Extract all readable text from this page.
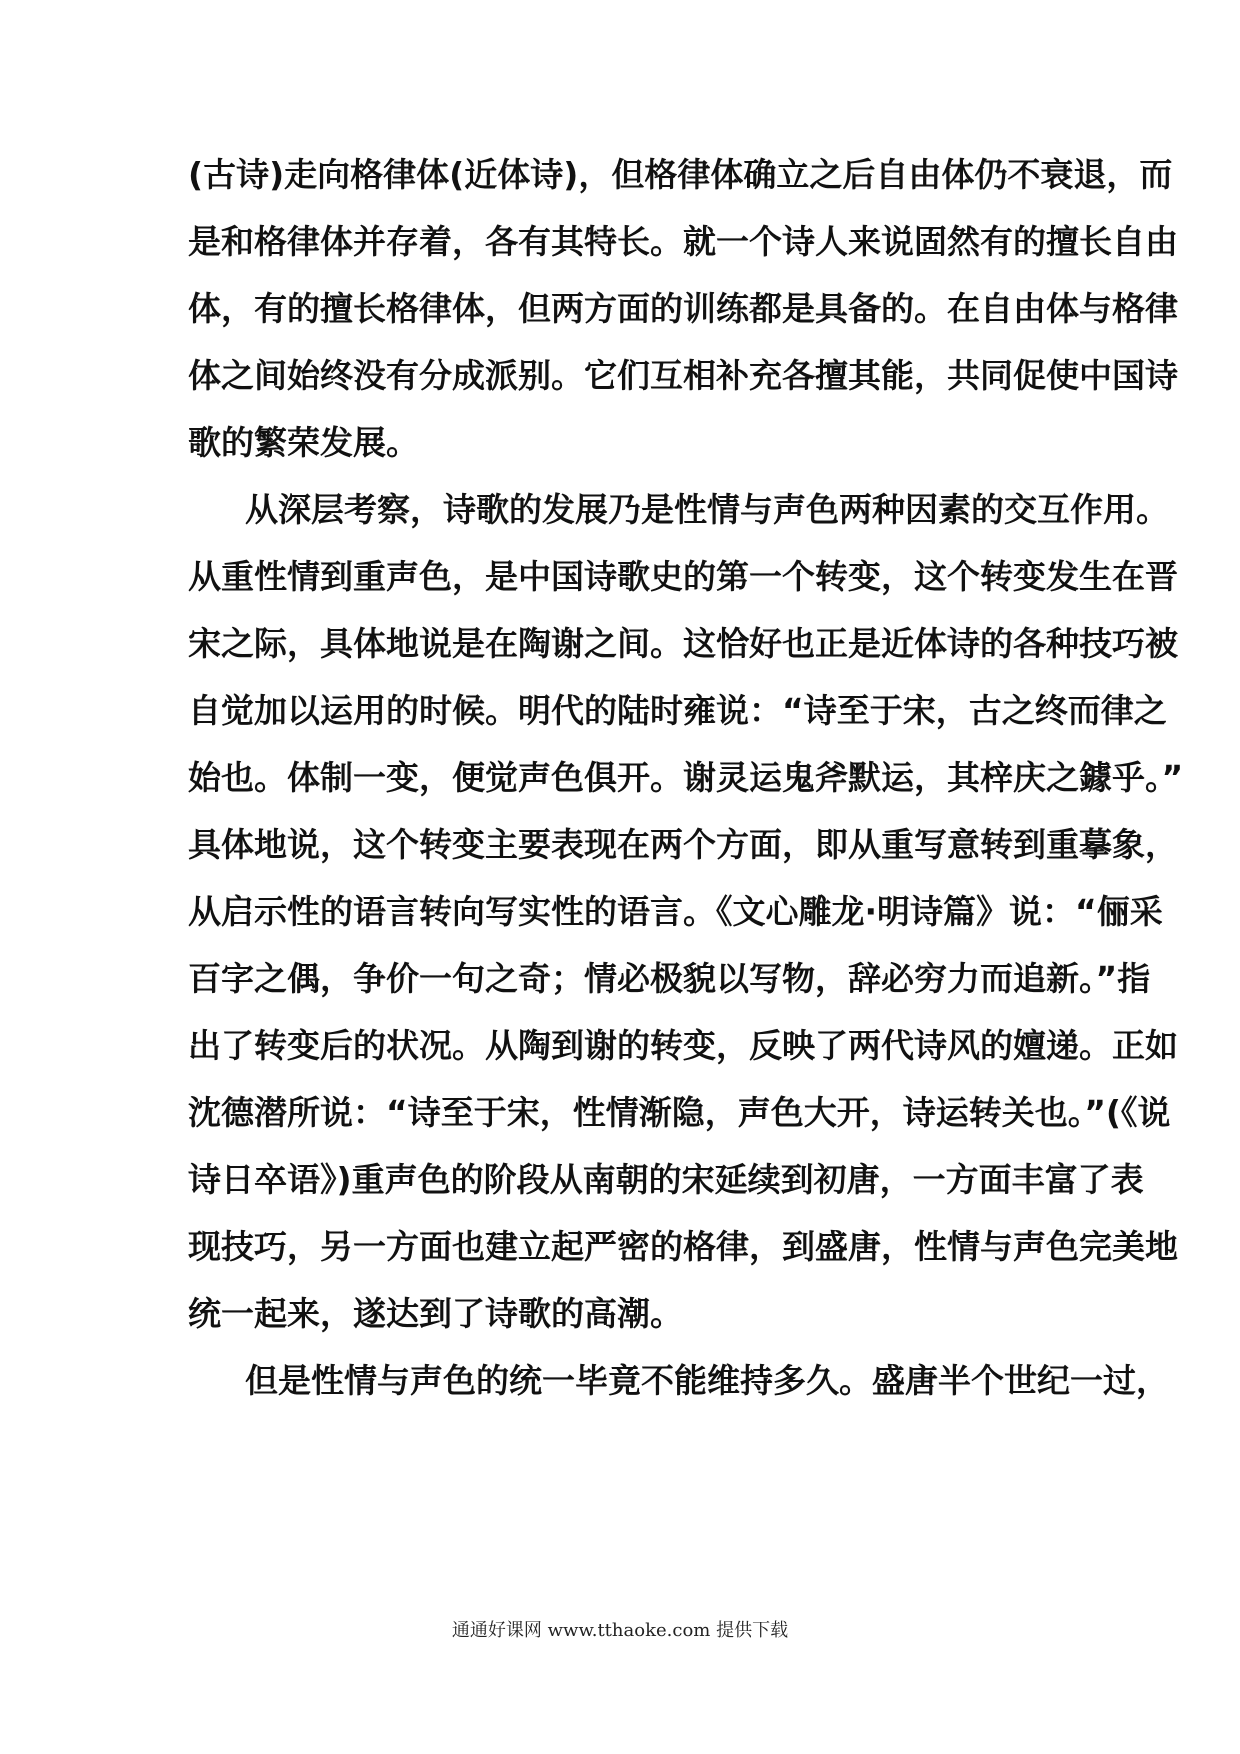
(古诗)走向格律体(近体诗)，但格律体确立之后自由体仍不衰退，而
是和格律体并存着，各有其特长。就一个诗人来说固然有的擅长自由
体，有的擅长格律体，但两方面的训练都是具备的。在自由体与格律
体之间始终没有分成派别。它们互相补充各擅其能，共同促使中国诗
歌的繁荣发展。
从深层考察，诗歌的发展乃是性情与声色两种因素的交互作用。
从重性情到重声色，是中国诗歌史的第一个转变，这个转变发生在晋
宋之际，具体地说是在陶谢之间。这恰好也正是近体诗的各种技巧被
自觉加以运用的时候。明代的陆时雍说：“诗至于宋，古之终而律之
始也。体制一变，便觉声色俱开。谢灵运鬼斧默运，其梓庆之鐻乎。”
具体地说，这个转变主要表现在两个方面，即从重写意转到重摹象，
从启示性的语言转向写实性的语言。《文心雕龙·明诗篇》说：“俪采
百字之偶，争价一句之奇；情必极貌以写物，辞必穷力而追新。”指
出了转变后的状况。从陶到谢的转变，反映了两代诗风的嬗递。正如
沈德潜所说：“诗至于宋，性情渐隐，声色大开，诗运转关也。”(《说
诗日卒语》)重声色的阶段从南朝的宋延续到初唐，一方面丰富了表
现技巧，另一方面也建立起严密的格律，到盛唐，性情与声色完美地
统一起来，遂达到了诗歌的高潮。
但是性情与声色的统一毕竟不能维持多久。盛唐半个世纪一过，
通通好课网 www.tthaoke.com 提供下载
